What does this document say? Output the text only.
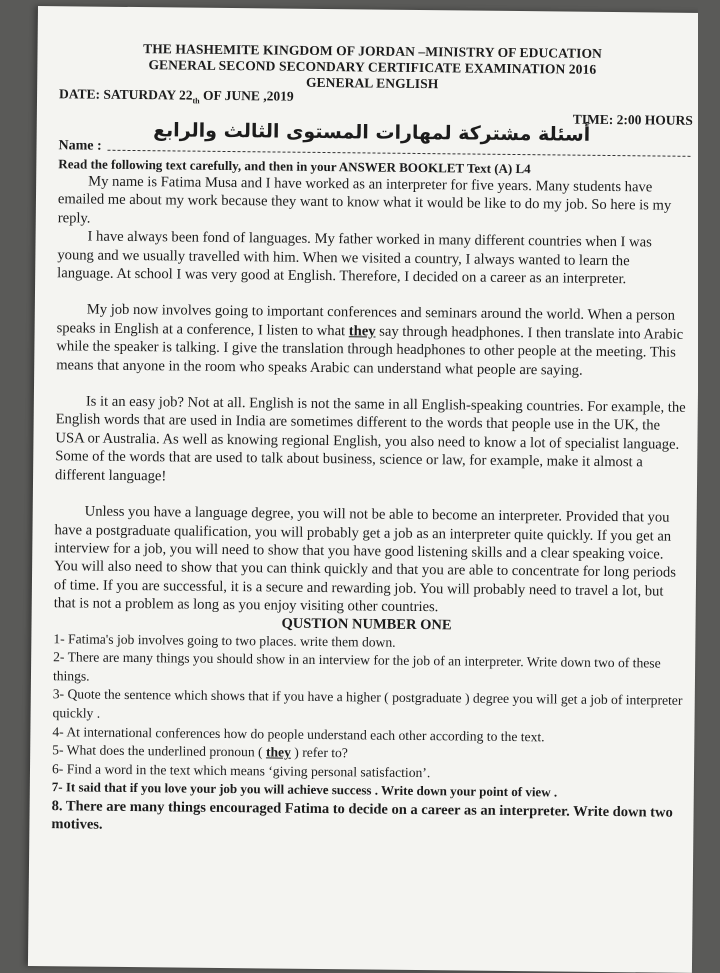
THE HASHEMITE KINGDOM OF JORDAN –MINISTRY OF EDUCATION
GENERAL SECOND SECONDARY CERTIFICATE EXAMINATION 2016
GENERAL ENGLISH
DATE: SATURDAY $22_{th}$ OF JUNE ,2019
TIME: 2:00 HOURS
أسئلة مشتركة لمهارات المستوى الثالث والرابع
Name :
Read the following text carefully, and then in your ANSWER BOOKLET Text (A) L4

My name is Fatima Musa and I have worked as an interpreter for five years. Many students have emailed me about my work because they want to know what it would be like to do my job. So here is my reply.

I have always been fond of languages. My father worked in many different countries when I was young and we usually travelled with him. When we visited a country, I always wanted to learn the language. At school I was very good at English. Therefore, I decided on a career as an interpreter.

My job now involves going to important conferences and seminars around the world. When a person speaks in English at a conference, I listen to what they say through headphones. I then translate into Arabic while the speaker is talking. I give the translation through headphones to other people at the meeting. This means that anyone in the room who speaks Arabic can understand what people are saying.

Is it an easy job? Not at all. English is not the same in all English-speaking countries. For example, the English words that are used in India are sometimes different to the words that people use in the UK, the USA or Australia. As well as knowing regional English, you also need to know a lot of specialist language. Some of the words that are used to talk about business, science or law, for example, make it almost a different language!

Unless you have a language degree, you will not be able to become an interpreter. Provided that you have a postgraduate qualification, you will probably get a job as an interpreter quite quickly. If you get an interview for a job, you will need to show that you have good listening skills and a clear speaking voice. You will also need to show that you can think quickly and that you are able to concentrate for long periods of time. If you are successful, it is a secure and rewarding job. You will probably need to travel a lot, but that is not a problem as long as you enjoy visiting other countries.

QUSTION NUMBER ONE
1- Fatima's job involves going to two places. write them down.
2- There are many things you should show in an interview for the job of an interpreter. Write down two of these things.
3- Quote the sentence which shows that if you have a higher ( postgraduate ) degree you will get a job of interpreter quickly .
4- At international conferences how do people understand each other according to the text.
5- What does the underlined pronoun ( they ) refer to?
6- Find a word in the text which means ‘giving personal satisfaction’.
7- It said that if you love your job you will achieve success . Write down your point of view .
8. There are many things encouraged Fatima to decide on a career as an interpreter. Write down two motives.
